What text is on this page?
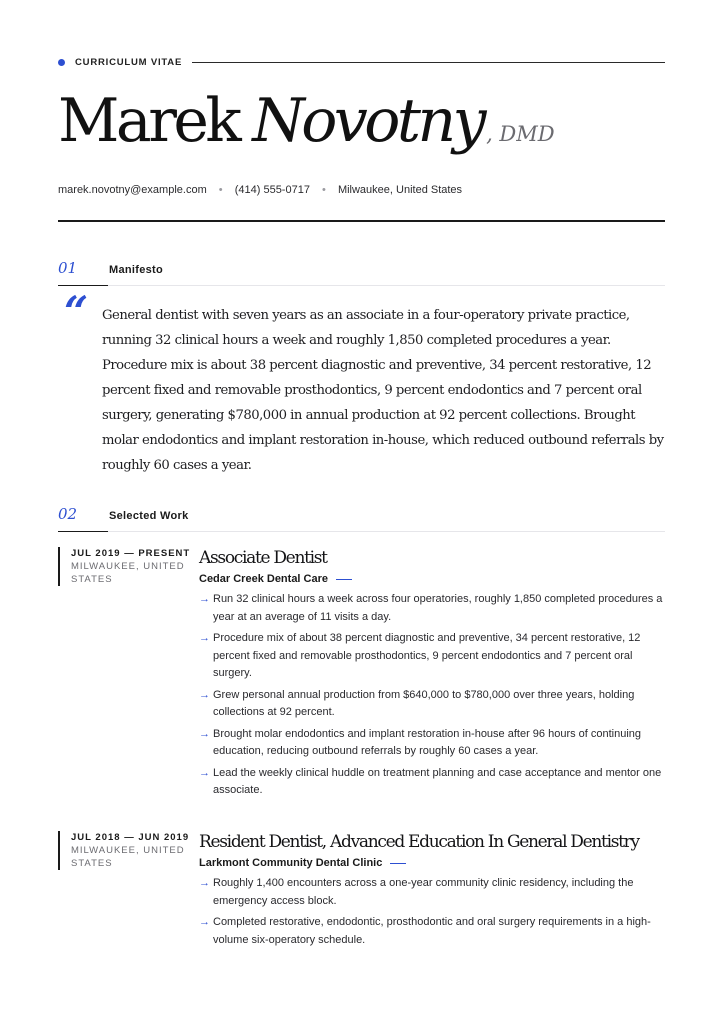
CURRICULUM VITAE
Marek Novotny , DMD
marek.novotny@example.com • (414) 555-0717 • Milwaukee, United States
01	Manifesto
“ General dentist with seven years as an associate in a four-operatory private practice, running 32 clinical hours a week and roughly 1,850 completed procedures a year. Procedure mix is about 38 percent diagnostic and preventive, 34 percent restorative, 12 percent fixed and removable prosthodontics, 9 percent endodontics and 7 percent oral surgery, generating $780,000 in annual production at 92 percent collections. Brought molar endodontics and implant restoration in-house, which reduced outbound referrals by roughly 60 cases a year.

02	Selected Work
JUL 2019 — PRESENT
MILWAUKEE, UNITED STATES
Associate Dentist
Cedar Creek Dental Care
→ Run 32 clinical hours a week across four operatories, roughly 1,850 completed procedures a year at an average of 11 visits a day.
→ Procedure mix of about 38 percent diagnostic and preventive, 34 percent restorative, 12 percent fixed and removable prosthodontics, 9 percent endodontics and 7 percent oral surgery.
→ Grew personal annual production from $640,000 to $780,000 over three years, holding collections at 92 percent.
→ Brought molar endodontics and implant restoration in-house after 96 hours of continuing education, reducing outbound referrals by roughly 60 cases a year.
→ Lead the weekly clinical huddle on treatment planning and case acceptance and mentor one associate.
JUL 2018 — JUN 2019
MILWAUKEE, UNITED STATES
Resident Dentist, Advanced Education In General Dentistry
Larkmont Community Dental Clinic
→ Roughly 1,400 encounters across a one-year community clinic residency, including the emergency access block.
→ Completed restorative, endodontic, prosthodontic and oral surgery requirements in a high-volume six-operatory schedule.
